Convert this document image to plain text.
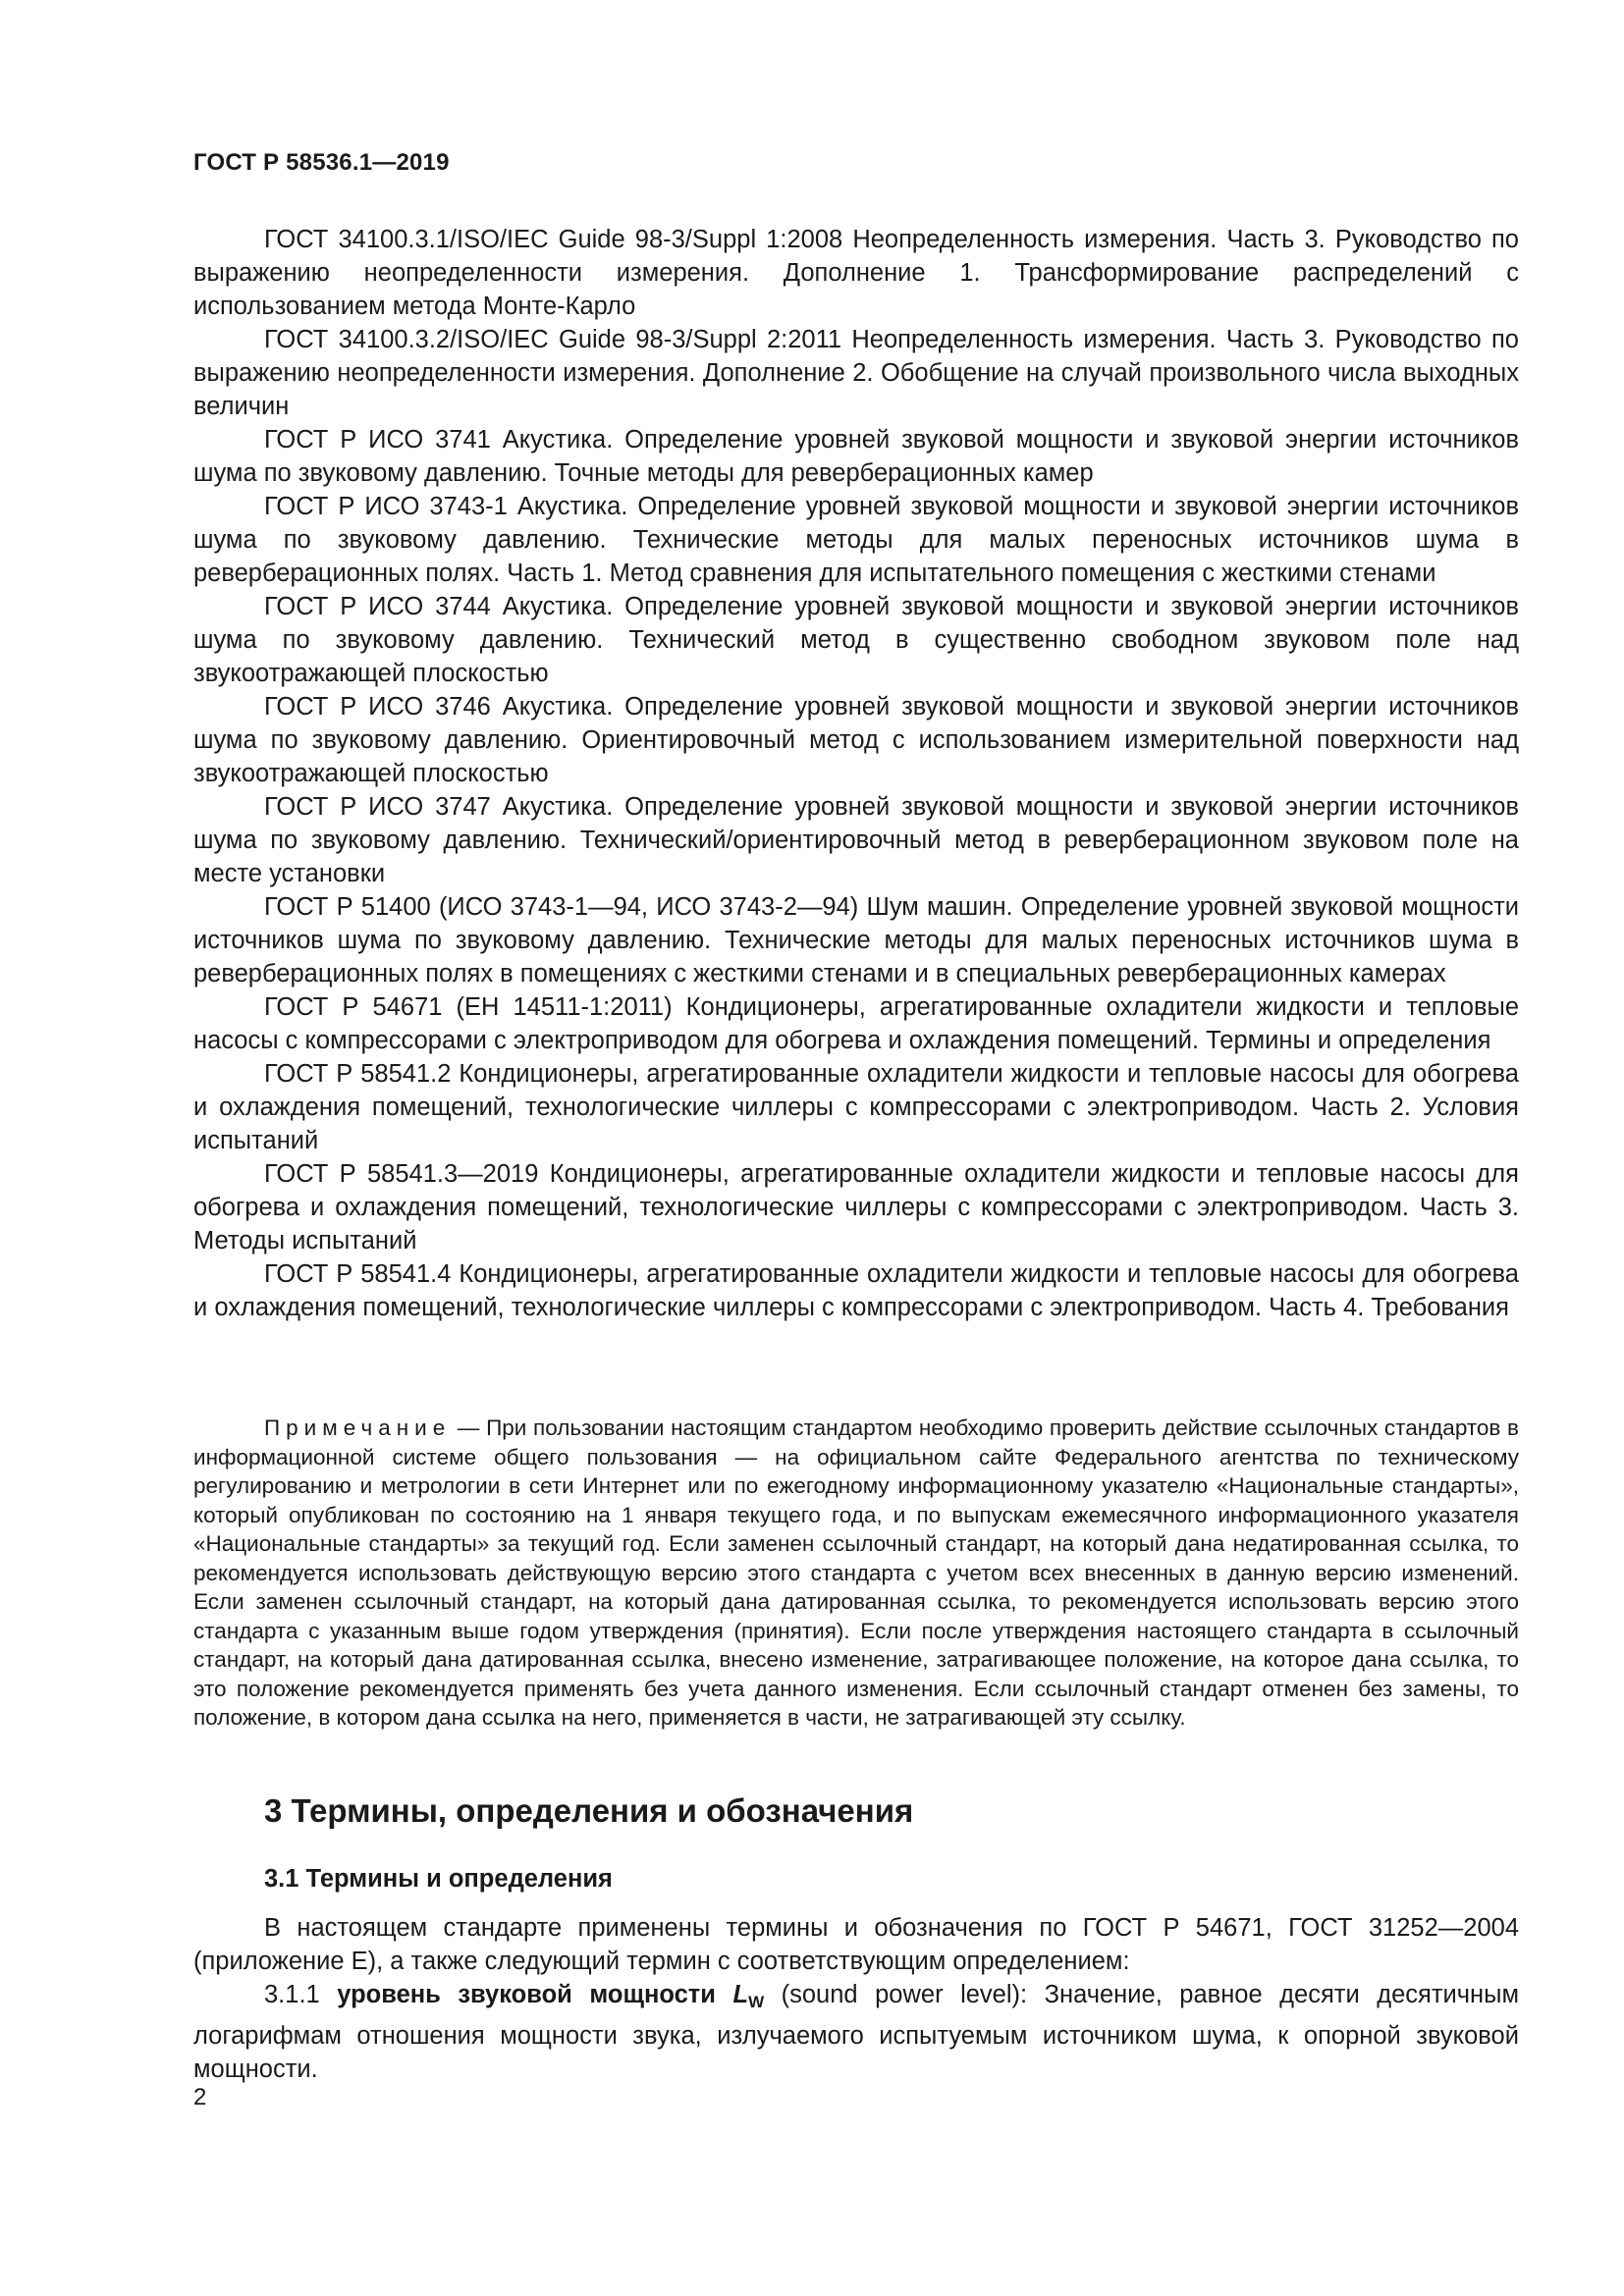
ГОСТ Р 58536.1—2019

ГОСТ 34100.3.1/ISO/IEC Guide 98-3/Suppl 1:2008 Неопределенность измерения. Часть 3. Руководство по выражению неопределенности измерения. Дополнение 1. Трансформирование распределений с использованием метода Монте-Карло

ГОСТ 34100.3.2/ISO/IEC Guide 98-3/Suppl 2:2011 Неопределенность измерения. Часть 3. Руководство по выражению неопределенности измерения. Дополнение 2. Обобщение на случай произвольного числа выходных величин

ГОСТ Р ИСО 3741 Акустика. Определение уровней звуковой мощности и звуковой энергии источников шума по звуковому давлению. Точные методы для реверберационных камер

ГОСТ Р ИСО 3743-1 Акустика. Определение уровней звуковой мощности и звуковой энергии источников шума по звуковому давлению. Технические методы для малых переносных источников шума в реверберационных полях. Часть 1. Метод сравнения для испытательного помещения с жесткими стенами

ГОСТ Р ИСО 3744 Акустика. Определение уровней звуковой мощности и звуковой энергии источников шума по звуковому давлению. Технический метод в существенно свободном звуковом поле над звукоотражающей плоскостью

ГОСТ Р ИСО 3746 Акустика. Определение уровней звуковой мощности и звуковой энергии источников шума по звуковому давлению. Ориентировочный метод с использованием измерительной поверхности над звукоотражающей плоскостью

ГОСТ Р ИСО 3747 Акустика. Определение уровней звуковой мощности и звуковой энергии источников шума по звуковому давлению. Технический/ориентировочный метод в реверберационном звуковом поле на месте установки

ГОСТ Р 51400 (ИСО 3743-1—94, ИСО 3743-2—94) Шум машин. Определение уровней звуковой мощности источников шума по звуковому давлению. Технические методы для малых переносных источников шума в реверберационных полях в помещениях с жесткими стенами и в специальных реверберационных камерах

ГОСТ Р 54671 (ЕН 14511-1:2011) Кондиционеры, агрегатированные охладители жидкости и тепловые насосы с компрессорами с электроприводом для обогрева и охлаждения помещений. Термины и определения

ГОСТ Р 58541.2 Кондиционеры, агрегатированные охладители жидкости и тепловые насосы для обогрева и охлаждения помещений, технологические чиллеры с компрессорами с электроприводом. Часть 2. Условия испытаний

ГОСТ Р 58541.3—2019 Кондиционеры, агрегатированные охладители жидкости и тепловые насосы для обогрева и охлаждения помещений, технологические чиллеры с компрессорами с электроприводом. Часть 3. Методы испытаний

ГОСТ Р 58541.4 Кондиционеры, агрегатированные охладители жидкости и тепловые насосы для обогрева и охлаждения помещений, технологические чиллеры с компрессорами с электроприводом. Часть 4. Требования

Примечание — При пользовании настоящим стандартом необходимо проверить действие ссылочных стандартов в информационной системе общего пользования — на официальном сайте Федерального агентства по техническому регулированию и метрологии в сети Интернет или по ежегодному информационному указателю «Национальные стандарты», который опубликован по состоянию на 1 января текущего года, и по выпускам ежемесячного информационного указателя «Национальные стандарты» за текущий год. Если заменен ссылочный стандарт, на который дана недатированная ссылка, то рекомендуется использовать действующую версию этого стандарта с учетом всех внесенных в данную версию изменений. Если заменен ссылочный стандарт, на который дана датированная ссылка, то рекомендуется использовать версию этого стандарта с указанным выше годом утверждения (принятия). Если после утверждения настоящего стандарта в ссылочный стандарт, на который дана датированная ссылка, внесено изменение, затрагивающее положение, на которое дана ссылка, то это положение рекомендуется применять без учета данного изменения. Если ссылочный стандарт отменен без замены, то положение, в котором дана ссылка на него, применяется в части, не затрагивающей эту ссылку.

3 Термины, определения и обозначения
3.1 Термины и определения

В настоящем стандарте применены термины и обозначения по ГОСТ Р 54671, ГОСТ 31252—2004 (приложение Е), а также следующий термин с соответствующим определением:

3.1.1 уровень звуковой мощности $L_W$ (sound power level): Значение, равное десяти десятичным логарифмам отношения мощности звука, излучаемого испытуемым источником шума, к опорной звуковой мощности.

2
